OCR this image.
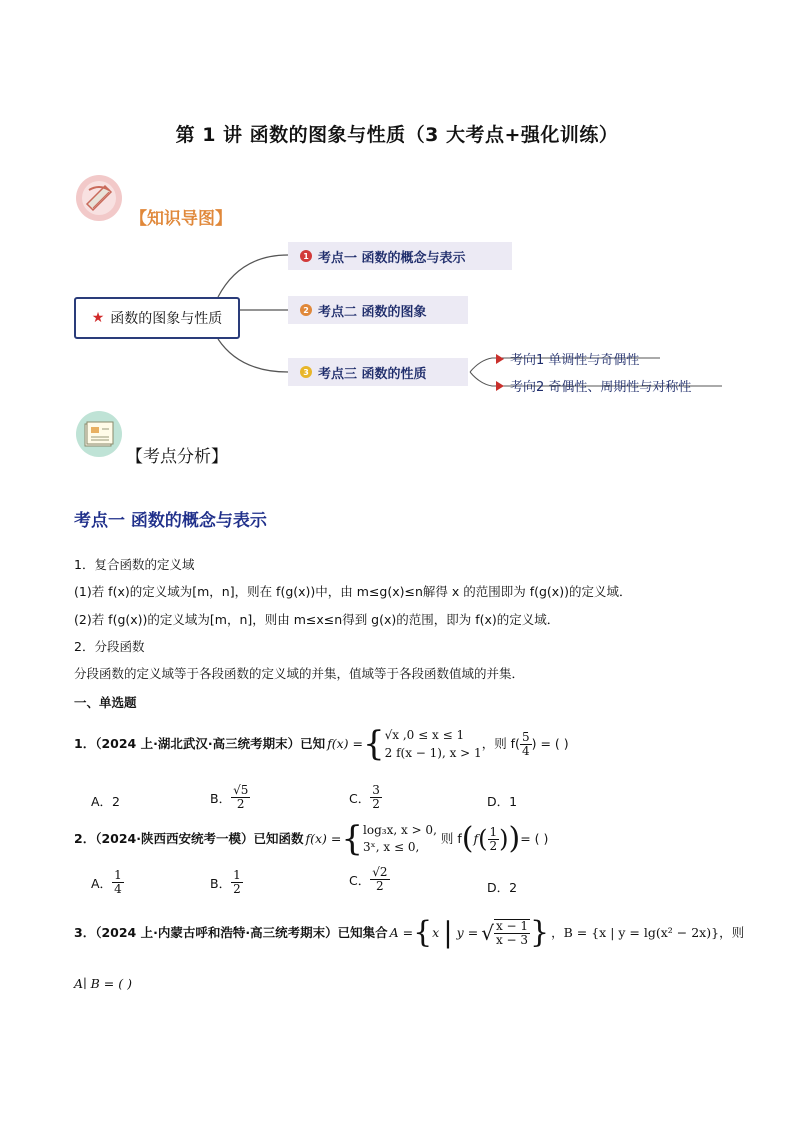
第 1 讲 函数的图象与性质（3 大考点+强化训练）
【知识导图】
★ 函数的图象与性质
1 考点一 函数的概念与表示
2 考点二 函数的图象
3 考点三 函数的性质
考向1 单调性与奇偶性
考向2 奇偶性、周期性与对称性
【考点分析】
考点一 函数的概念与表示
1．复合函数的定义域
(1)若 f(x)的定义域为[m，n]，则在 f(g(x))中，由 m≤g(x)≤n解得 x 的范围即为 f(g(x))的定义域．
(2)若 f(g(x))的定义域为[m，n]，则由 m≤x≤n得到 g(x)的范围，即为 f(x)的定义域．
2．分段函数
分段函数的定义域等于各段函数的定义域的并集，值域等于各段函数值域的并集．
一、单选题
1．（2024 上·湖北武汉·高三统考期末）已知 f(x) = { √x ,0 ≤ x ≤ 1
2 f(x − 1), x > 1
，则 $f( \frac{5}{4}$ ) = ( )
A．2	B． $\frac{√5}{2}$	C． $\frac{3}{2}$	D．1
2．（2024·陕西西安统考一模）已知函数 f(x) = { log₃x, x > 0,
3ˣ, x ≤ 0,
则 f ( f ( $\frac{1}{2}$ ) ) = ( )
A． $\frac{1}{4}$	B． $\frac{1}{2}$	C． $\frac{√2}{2}$	D．2
3．（2024 上·内蒙古呼和浩特·高三统考期末）已知集合 A = { x | y = √ $\frac{x - 1}{x - 3}$ } ，B = {x | y = lg(x² − 2x)}，则
A∣ B = ( )
